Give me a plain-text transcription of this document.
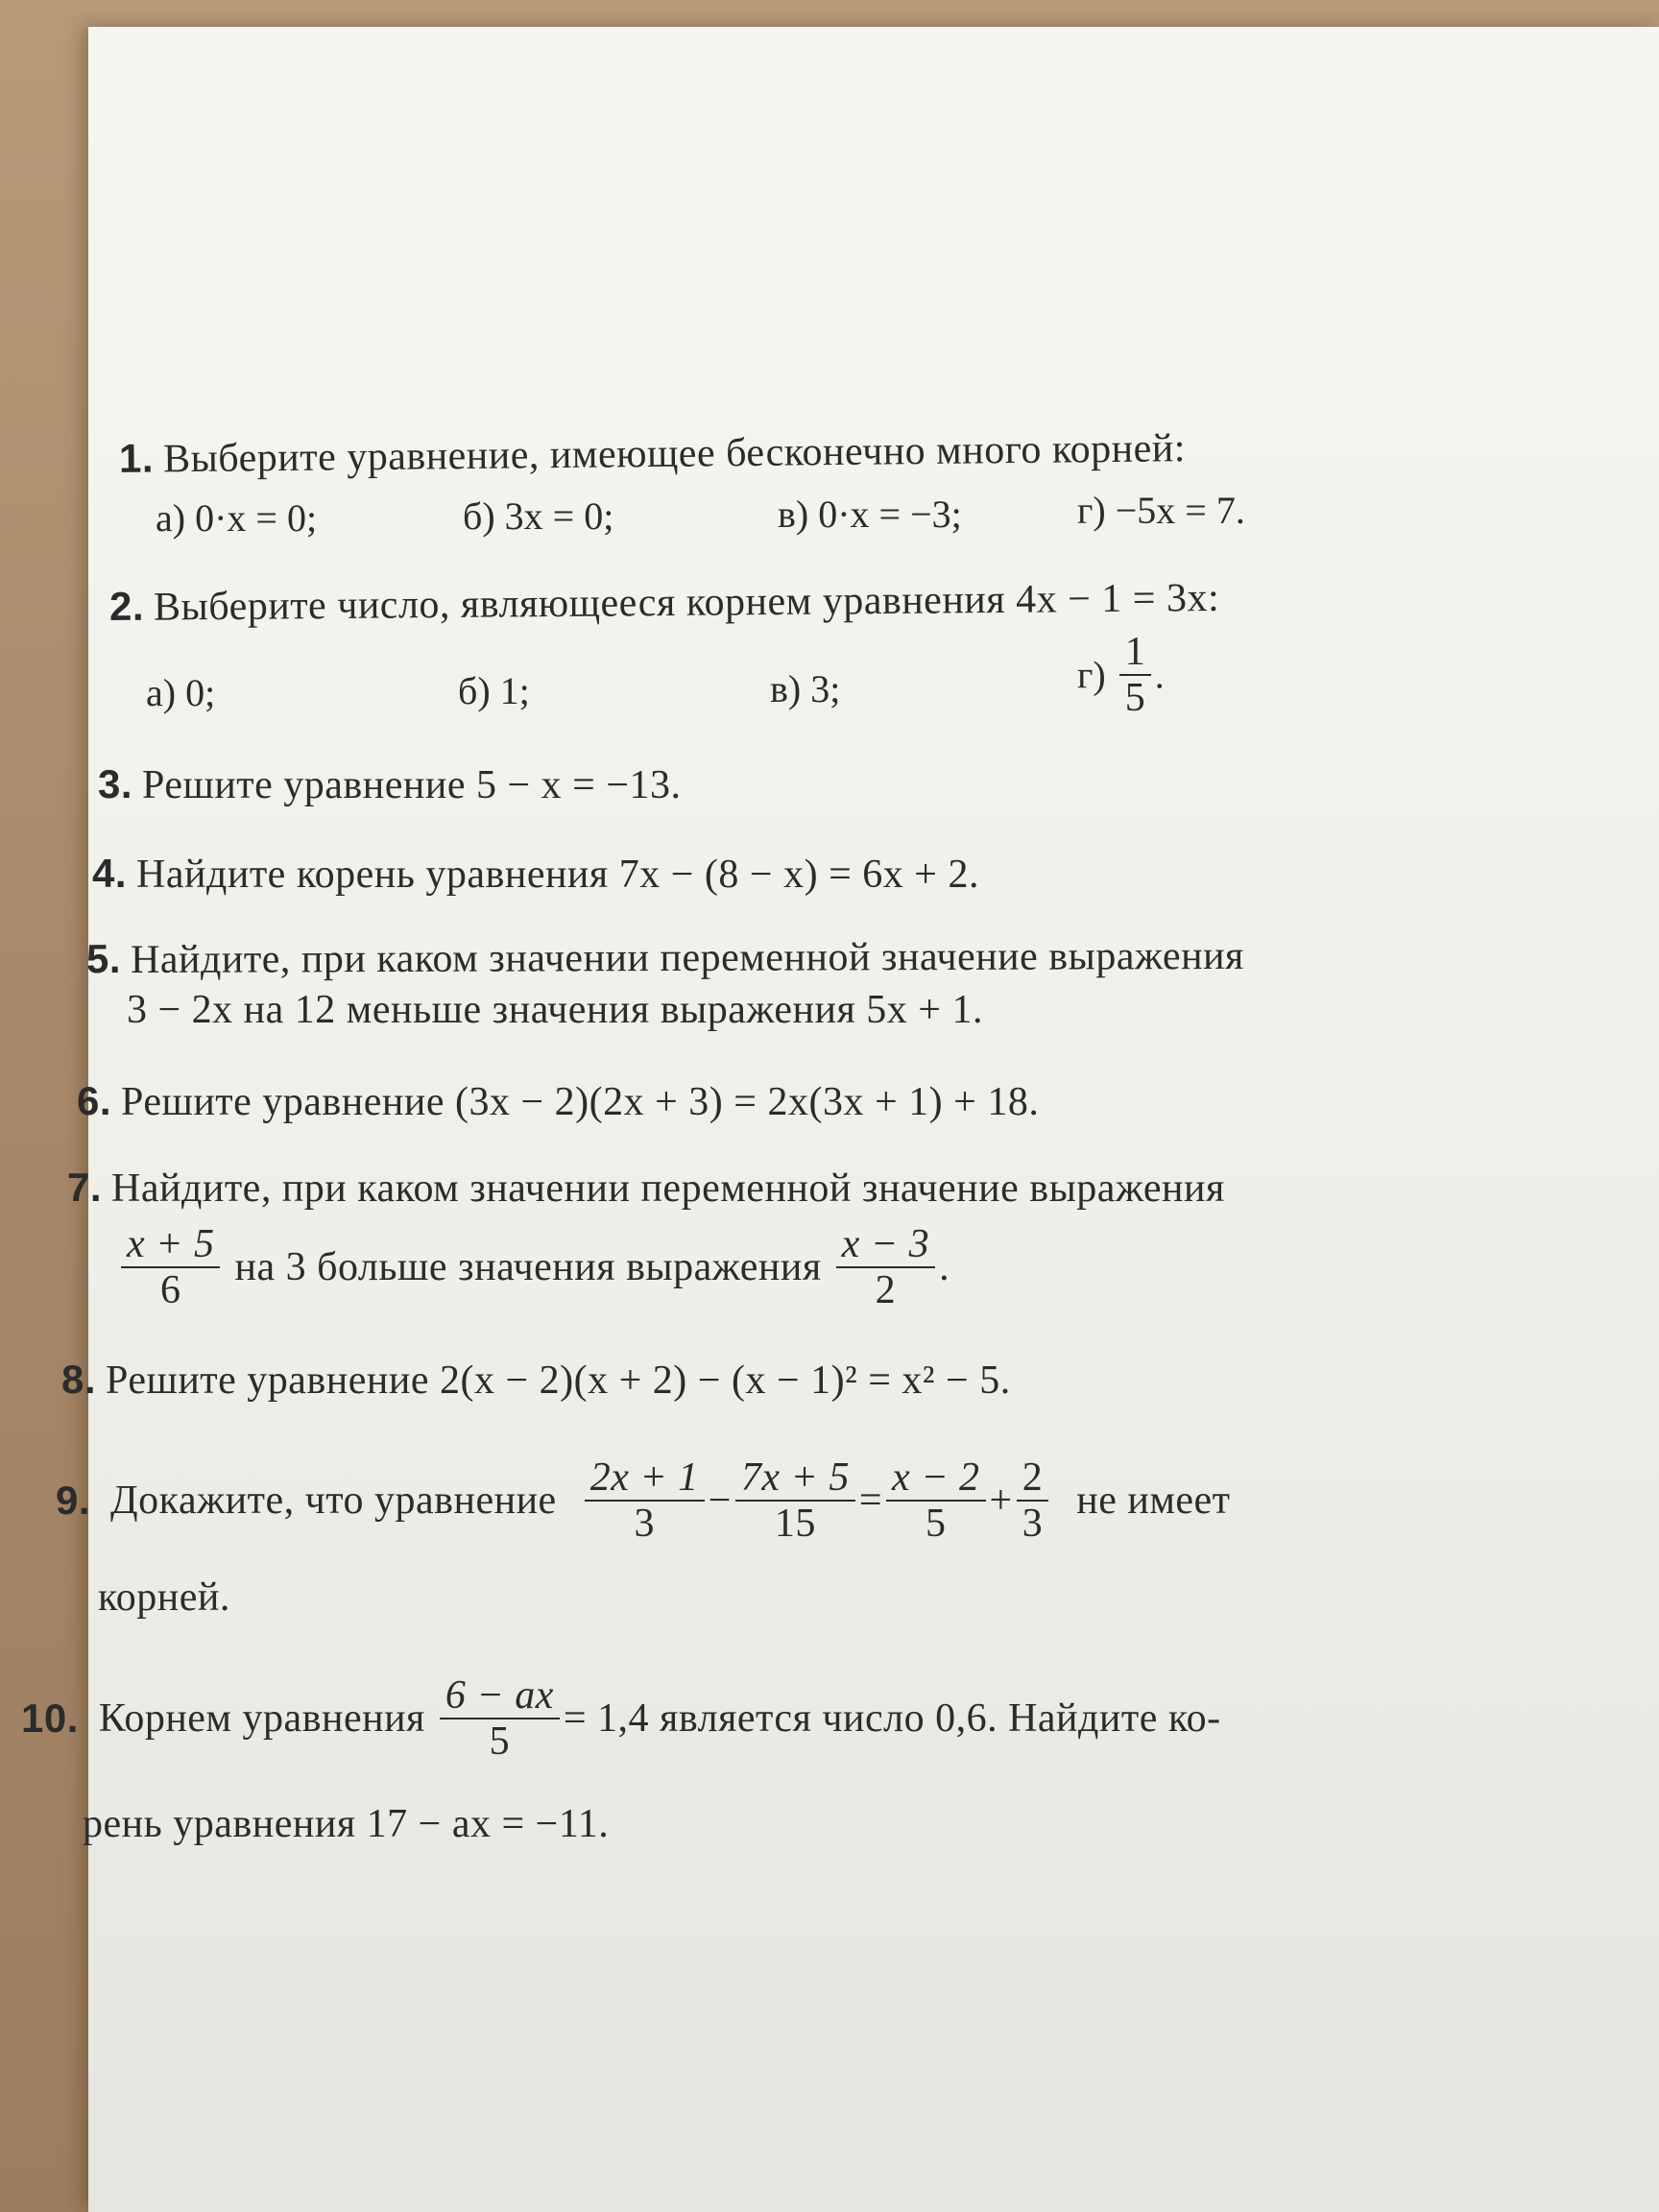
1. Выберите уравнение, имеющее бесконечно много корней:
а) 0·x = 0;	б) 3x = 0;	в) 0·x = −3;	г) −5x = 7.
2. Выберите число, являющееся корнем уравнения 4x − 1 = 3x:
а) 0;	б) 1;	в) 3;	$г) \frac{1}{5}$ .
3. Решите уравнение 5 − x = −13.
4. Найдите корень уравнения 7x − (8 − x) = 6x + 2.
5. Найдите, при каком значении переменной значение выражения
3 − 2x на 12 меньше значения выражения 5x + 1.
6. Решите уравнение (3x − 2)(2x + 3) = 2x(3x + 1) + 18.
7. Найдите, при каком значении переменной значение выражения
$\frac{x + 5}{6}$ на 3 больше значения выражения $\frac{x - 3}{2}$ .
8. Решите уравнение 2(x − 2)(x + 2) − (x − 1)² = x² − 5.
9. Докажите, что уравнение $\frac{2x + 1}{3} - \frac{7x + 5}{15} = \frac{x - 2}{5} + \frac{2}{3}$ не имеет
корней.
10. Корнем уравнения $\frac{6 - ax}{5} = 1,4$ является число 0,6. Найдите ко-
рень уравнения 17 − ax = −11.
